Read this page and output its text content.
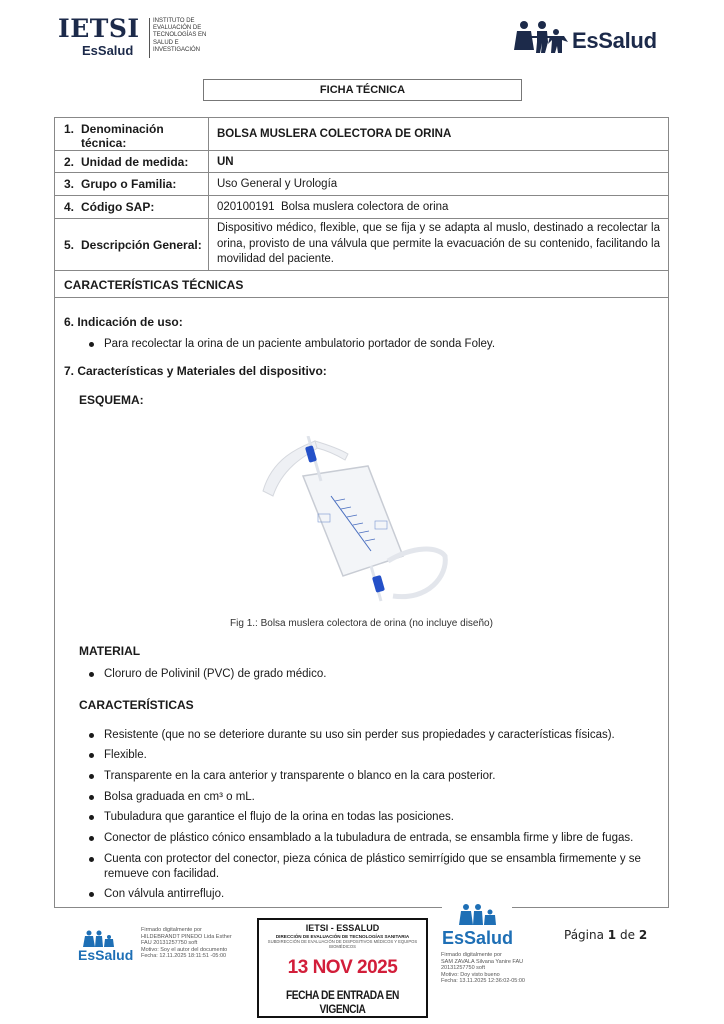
IETSI
EsSalud
INSTITUTO DE EVALUACIÓN DE TECNOLOGÍAS EN SALUD E INVESTIGACIÓN	EsSalud
FICHA TÉCNICA
1. Denominación
técnica:
BOLSA MUSLERA COLECTORA DE ORINA
2. Unidad de medida: UN
3. Grupo o Familia:	Uso General y Urología
4. Código SAP:	020100191  Bolsa muslera colectora de orina
5. Descripción General:
Dispositivo médico, flexible, que se fija y se adapta al muslo, destinado a recolectar la orina, provisto de una válvula que permite la evacuación de su contenido, facilitando la movilidad del paciente.
CARACTERÍSTICAS TÉCNICAS
6. Indicación de uso:
Para recolectar la orina de un paciente ambulatorio portador de sonda Foley.
7. Características y Materiales del dispositivo:
ESQUEMA:
Fig 1.: Bolsa muslera colectora de orina (no incluye diseño)
MATERIAL
Cloruro de Polivinil (PVC) de grado médico.
CARACTERÍSTICAS
Resistente (que no se deteriore durante su uso sin perder sus propiedades y características físicas).
Flexible.
Transparente en la cara anterior y transparente o blanco en la cara posterior.
Bolsa graduada en cm³ o mL.
Tubuladura que garantice el flujo de la orina en todas las posiciones.
Conector de plástico cónico ensamblado a la tubuladura de entrada, se ensambla firme y libre de fugas.
Cuenta con protector del conector, pieza cónica de plástico semirrígido que se ensambla firmemente y se remueve con facilidad.
Con válvula antirreflujo.
EsSalud
Firmado digitalmente por
HILDEBRANDT PINEDO Lida Esther
FAU 20131257750 soft
Motivo: Soy el autor del documento
Fecha: 12.11.2025 18:11:51 -05:00
IETSI - ESSALUD
DIRECCIÓN DE EVALUACIÓN DE TECNOLOGÍAS SANITARIA
SUBDIRECCIÓN DE EVALUACIÓN DE DISPOSITIVOS MÉDICOS Y EQUIPOS BIOMÉDICOS
13 NOV 2025
FECHA DE ENTRADA EN VIGENCIA
EsSalud
Firmado digitalmente por
SAM ZAVALA Silvana Yanire FAU
20131257750 soft
Motivo: Doy visto bueno
Fecha: 13.11.2025 12:36:02-05:00
Página 1 de 2
